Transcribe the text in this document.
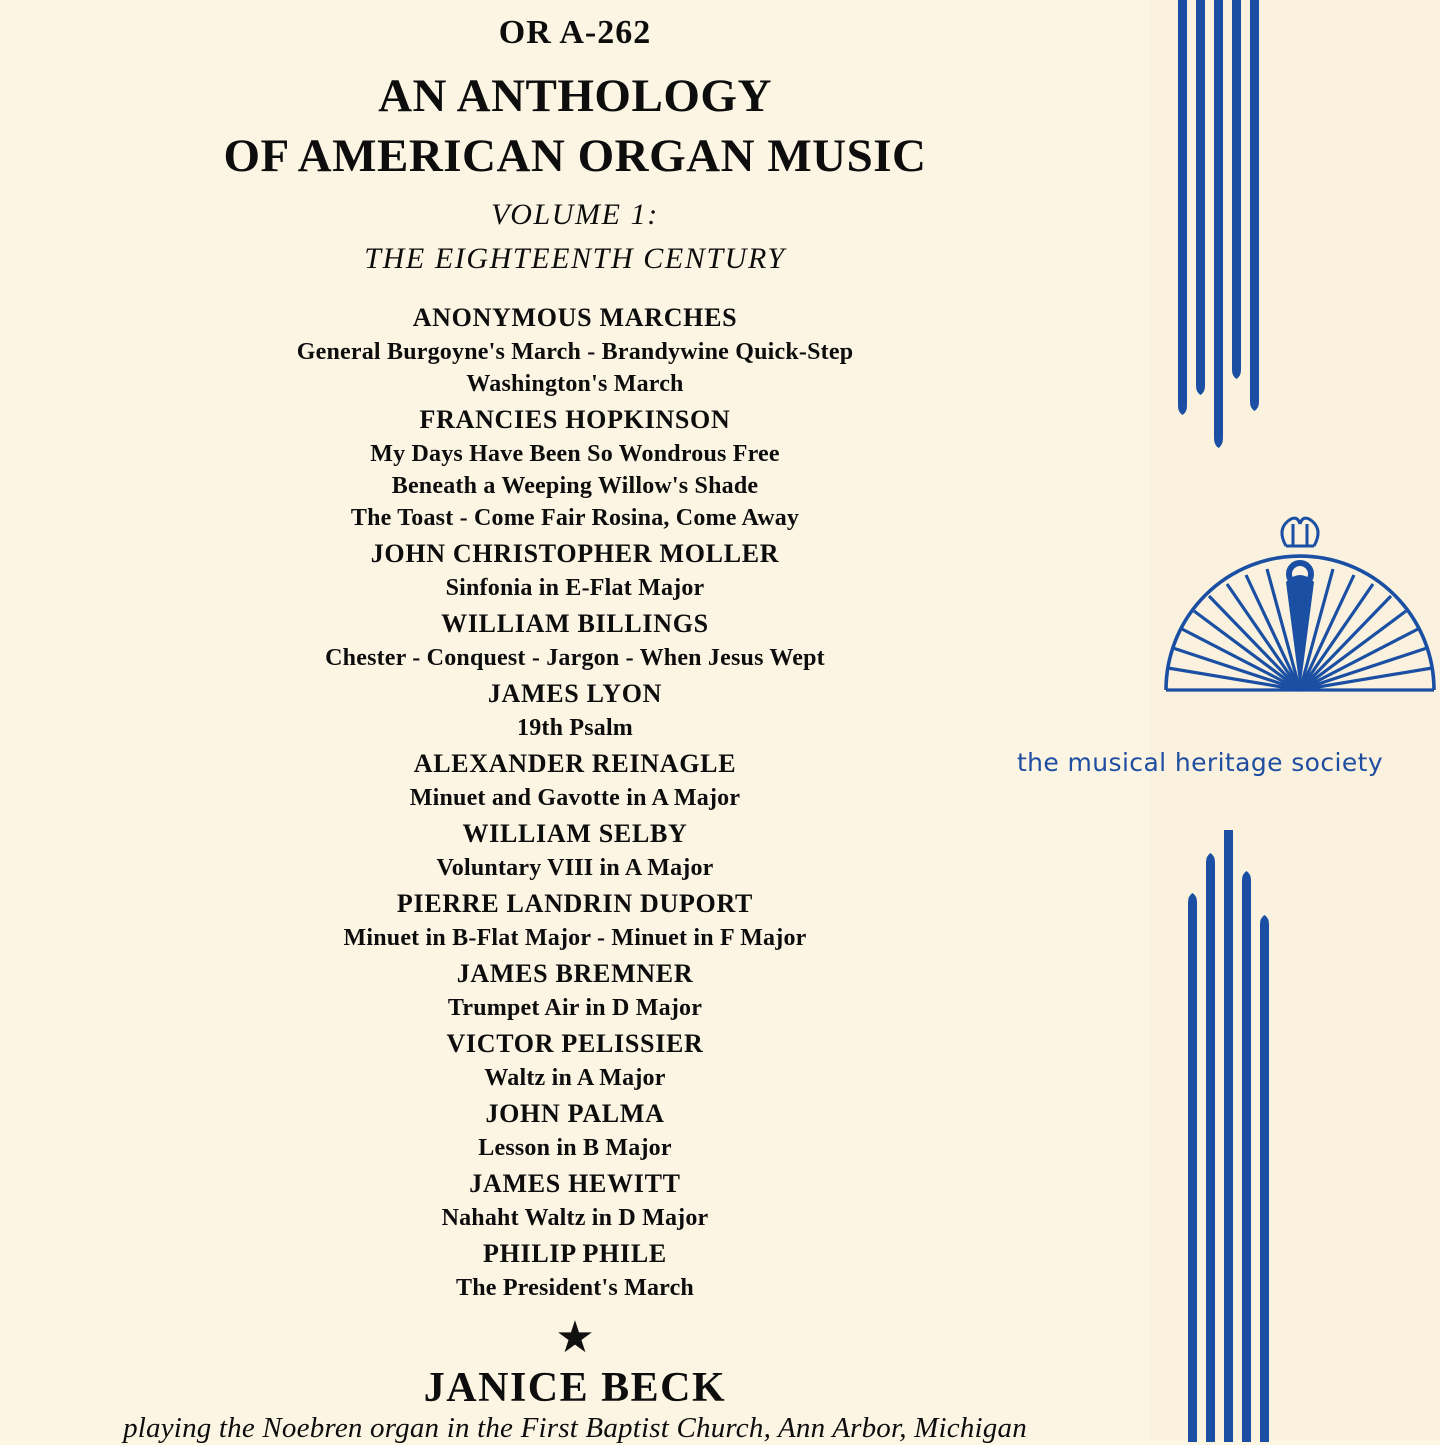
OR A-262
AN ANTHOLOGY
OF AMERICAN ORGAN MUSIC
VOLUME 1:
THE EIGHTEENTH CENTURY
ANONYMOUS MARCHES
General Burgoyne's March - Brandywine Quick-Step
Washington's March
FRANCIES HOPKINSON
My Days Have Been So Wondrous Free
Beneath a Weeping Willow's Shade
The Toast - Come Fair Rosina, Come Away
JOHN CHRISTOPHER MOLLER
Sinfonia in E-Flat Major
WILLIAM BILLINGS
Chester - Conquest - Jargon - When Jesus Wept
JAMES LYON
19th Psalm
ALEXANDER REINAGLE
Minuet and Gavotte in A Major
WILLIAM SELBY
Voluntary VIII in A Major
PIERRE LANDRIN DUPORT
Minuet in B-Flat Major - Minuet in F Major
JAMES BREMNER
Trumpet Air in D Major
VICTOR PELISSIER
Waltz in A Major
JOHN PALMA
Lesson in B Major
JAMES HEWITT
Nahaht Waltz in D Major
PHILIP PHILE
The President's March
★
JANICE BECK
playing the Noebren organ in the First Baptist Church, Ann Arbor, Michigan
the musical heritage society
